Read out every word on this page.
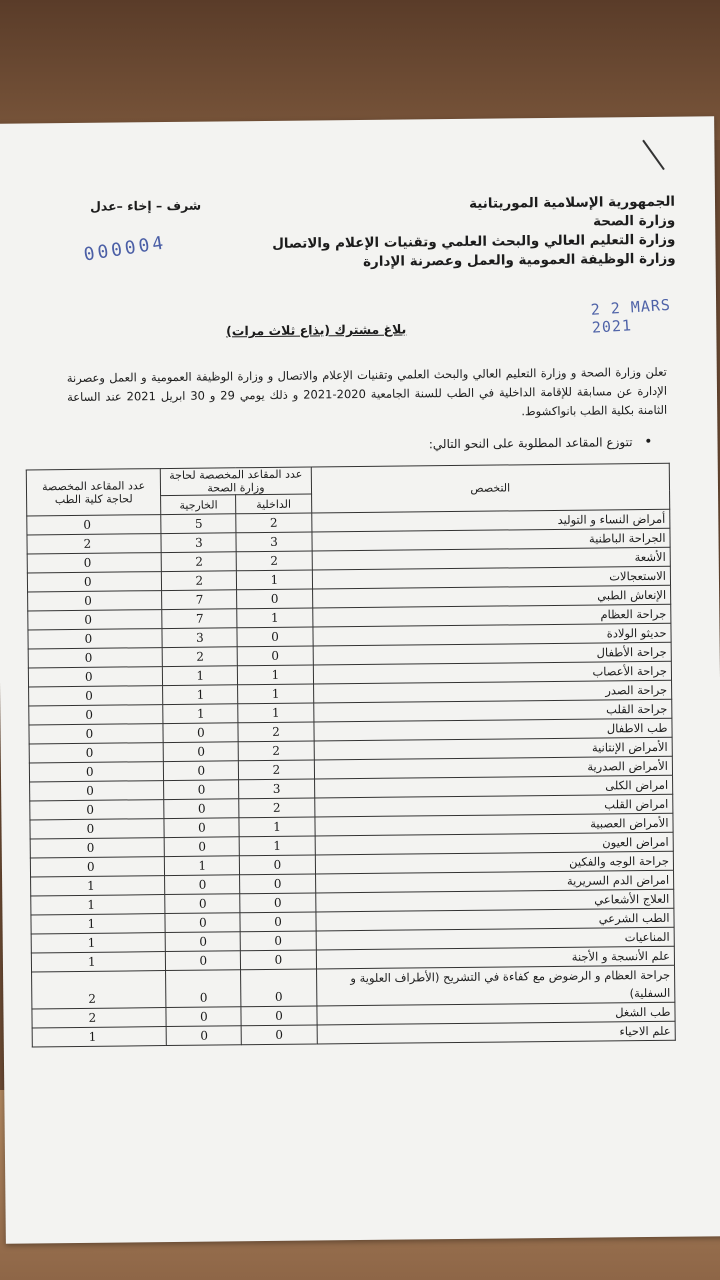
الجمهورية الإسلامية الموريتانية
وزارة الصحة
وزارة التعليم العالي والبحث العلمي وتقنيات الإعلام والاتصال
وزارة الوظيفة العمومية والعمل وعصرنة الإدارة
شرف – إخاء –عدل
000004
2 2 MARS 2021
بلاغ مشترك (يذاع ثلاث مرات)
تعلن وزارة الصحة و وزارة التعليم العالي والبحث العلمي وتقنيات الإعلام والاتصال و وزارة الوظيفة العمومية و العمل وعصرنة الإدارة عن مسابقة للإقامة الداخلية في الطب للسنة الجامعية 2020-2021 و ذلك يومي 29 و 30 ابريل 2021 عند الساعة الثامنة بكلية الطب بانواكشوط.
• تتوزع المقاعد المطلوبة على النحو التالي:
التخصص	عدد المقاعد المخصصة لحاجة وزارة الصحة		عدد المقاعد المخصصة لحاجة كلية الطب
	الداخلية	الخارجية	
أمراض النساء و التوليد	2	5	0
الجراحة الباطنية	3	3	2
الأشعة	2	2	0
الاستعجالات	1	2	0
الإنعاش الطبي	0	7	0
جراحة العظام	1	7	0
حديثو الولادة	0	3	0
جراحة الأطفال	0	2	0
جراحة الأعصاب	1	1	0
جراحة الصدر	1	1	0
جراحة القلب	1	1	0
طب الاطفال	2	0	0
الأمراض الإنتانية	2	0	0
الأمراض الصدرية	2	0	0
امراض الكلى	3	0	0
امراض القلب	2	0	0
الأمراض العصبية	1	0	0
امراض العيون	1	0	0
جراحة الوجه والفكين	0	1	0
امراض الدم السريرية	0	0	1
العلاج الأشعاعي	0	0	1
الطب الشرعي	0	0	1
المناعيات	0	0	1
علم الأنسجة و الأجنة	0	0	1
جراحة العظام و الرضوض مع كفاءة في التشريح (الأطراف العلوية و السفلية)	0	0	2
طب الشغل	0	0	2
علم الاحياء	0	0	1
